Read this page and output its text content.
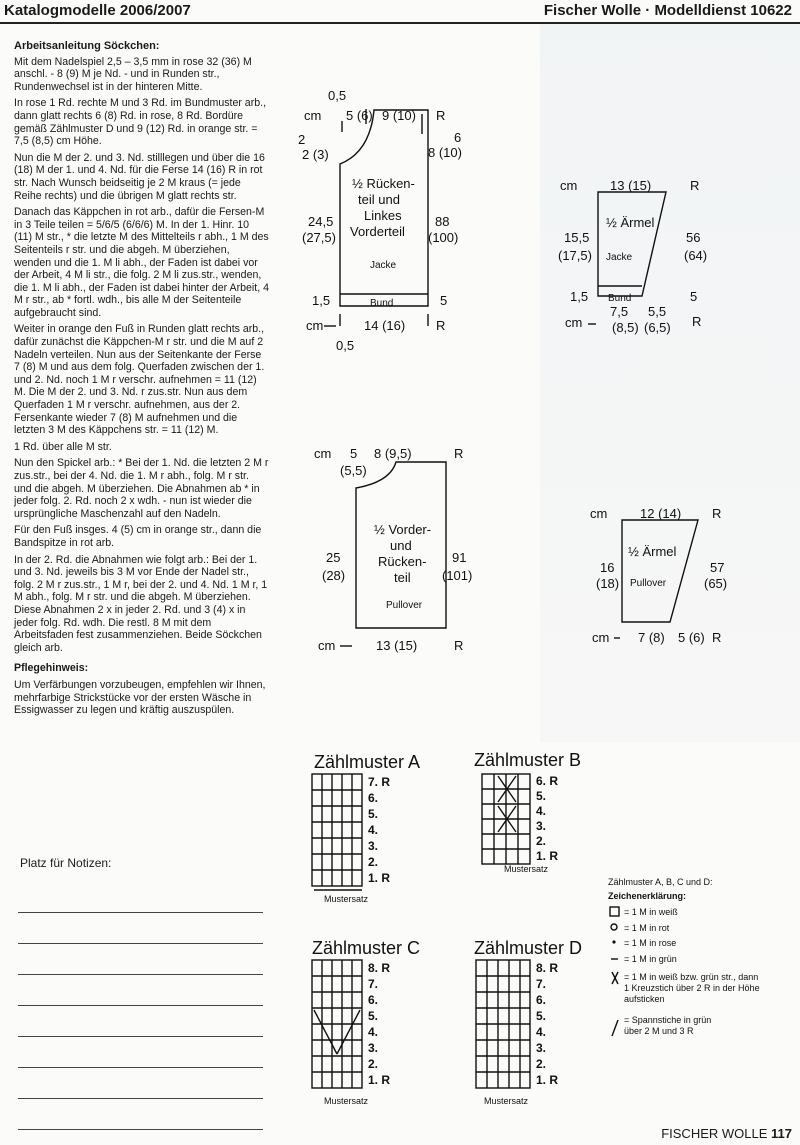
Katalogmodelle 2006/2007	Fischer Wolle · Modelldienst 10622

Arbeitsanleitung Söckchen:

Mit dem Nadelspiel 2,5 – 3,5 mm in rose 32 (36) M anschl. - 8 (9) M je Nd. - und in Runden str., Rundenwechsel ist in der hinteren Mitte.

In rose 1 Rd. rechte M und 3 Rd. im Bundmuster arb., dann glatt rechts 6 (8) Rd. in rose, 8 Rd. Bordüre gemäß Zählmuster D und 9 (12) Rd. in orange str. = 7,5 (8,5) cm Höhe.

Nun die M der 2. und 3. Nd. stilllegen und über die 16 (18) M der 1. und 4. Nd. für die Ferse 14 (16) R in rot str. Nach Wunsch beidseitig je 2 M kraus (= jede Reihe rechts) und die übrigen M glatt rechts str.

Danach das Käppchen in rot arb., dafür die Fersen-M in 3 Teile teilen = 5/6/5 (6/6/6) M. In der 1. Hinr. 10 (11) M str., * die letzte M des Mittelteils r abh., 1 M des Seitenteils r str. und die abgeh. M überziehen, wenden und die 1. M li abh., der Faden ist dabei vor der Arbeit, 4 M li str., die folg. 2 M li zus.str., wenden, die 1. M li abh., der Faden ist dabei hinter der Arbeit, 4 M r str., ab * fortl. wdh., bis alle M der Seitenteile aufgebraucht sind.

Weiter in orange den Fuß in Runden glatt rechts arb., dafür zunächst die Käppchen-M r str. und die M auf 2 Nadeln verteilen. Nun aus der Seitenkante der Ferse 7 (8) M und aus dem folg. Querfaden zwischen der 1. und 2. Nd. noch 1 M r verschr. aufnehmen = 11 (12) M. Die M der 2. und 3. Nd. r zus.str. Nun aus dem Querfaden 1 M r verschr. aufnehmen, aus der 2. Fersenkante wieder 7 (8) M aufnehmen und die letzten 3 M des Käppchens str. = 11 (12) M.

1 Rd. über alle M str.

Nun den Spickel arb.: * Bei der 1. Nd. die letzten 2 M r zus.str., bei der 4. Nd. die 1. M r abh., folg. M r str. und die abgeh. M überziehen. Die Abnahmen ab * in jeder folg. 2. Rd. noch 2 x wdh. - nun ist wieder die ursprüngliche Maschenzahl auf den Nadeln.

Für den Fuß insges. 4 (5) cm in orange str., dann die Bandspitze in rot arb.

In der 2. Rd. die Abnahmen wie folgt arb.: Bei der 1. und 3. Nd. jeweils bis 3 M vor Ende der Nadel str., folg. 2 M r zus.str., 1 M r, bei der 2. und 4. Nd. 1 M r, 1 M abh., folg. M r str. und die abgeh. M überziehen. Diese Abnahmen 2 x in jeder 2. Rd. und 3 (4) x in jeder folg. Rd. wdh. Die restl. 8 M mit dem Arbeitsfaden fest zusammenziehen. Beide Söckchen gleich arb.

Pflegehinweis:

Um Verfärbungen vorzubeugen, empfehlen wir Ihnen, mehrfarbige Strickstücke vor der ersten Wäsche in Essigwasser zu legen und kräftig auszuspülen.

Platz für Notizen:
0,5
cm 5 (6) 9 (10) R
2
2 (3)
6
8 (10)
½ Rücken-
teil und
Linkes
Vorderteil
24,5
(27,5)
88
(100)
Jacke
Bund
1,5	5
cm	14 (16) R
0,5
cm	13 (15)	R
½ Ärmel
15,5
(17,5)
56
(64)
Jacke
Bund
1,5	5
cm
7,5
(8,5)
5,5
(6,5) R
cm 5 8 (9,5)	R
(5,5)
½ Vorder-
und
Rücken-
teil
25
(28)
91
(101)
Pullover
cm	13 (15)	R
cm	12 (14) R
½ Ärmel
16
(18)
57
(65)
Pullover
cm 7 (8) 5 (6) R
Zählmuster A	Zählmuster B
Zählmuster C	Zählmuster D
7. R
6.
5.
4.
3.
2.
1. R
Mustersatz
6. R
5.
4.
3.
2.
1. R
Mustersatz
8. R
7.
6.
5.
4.
3.
2.
1. R
Mustersatz
8. R
7.
6.
5.
4.
3.
2.
1. R
Mustersatz
Zählmuster A, B, C und D:
Zeichenerklärung:
= 1 M in weiß
= 1 M in rot
= 1 M in rose
= 1 M in grün
= 1 M in weiß bzw. grün str., dann
1 Kreuzstich über 2 R in der Höhe
aufsticken
= Spannstiche in grün
über 2 M und 3 R
FISCHER WOLLE 117
